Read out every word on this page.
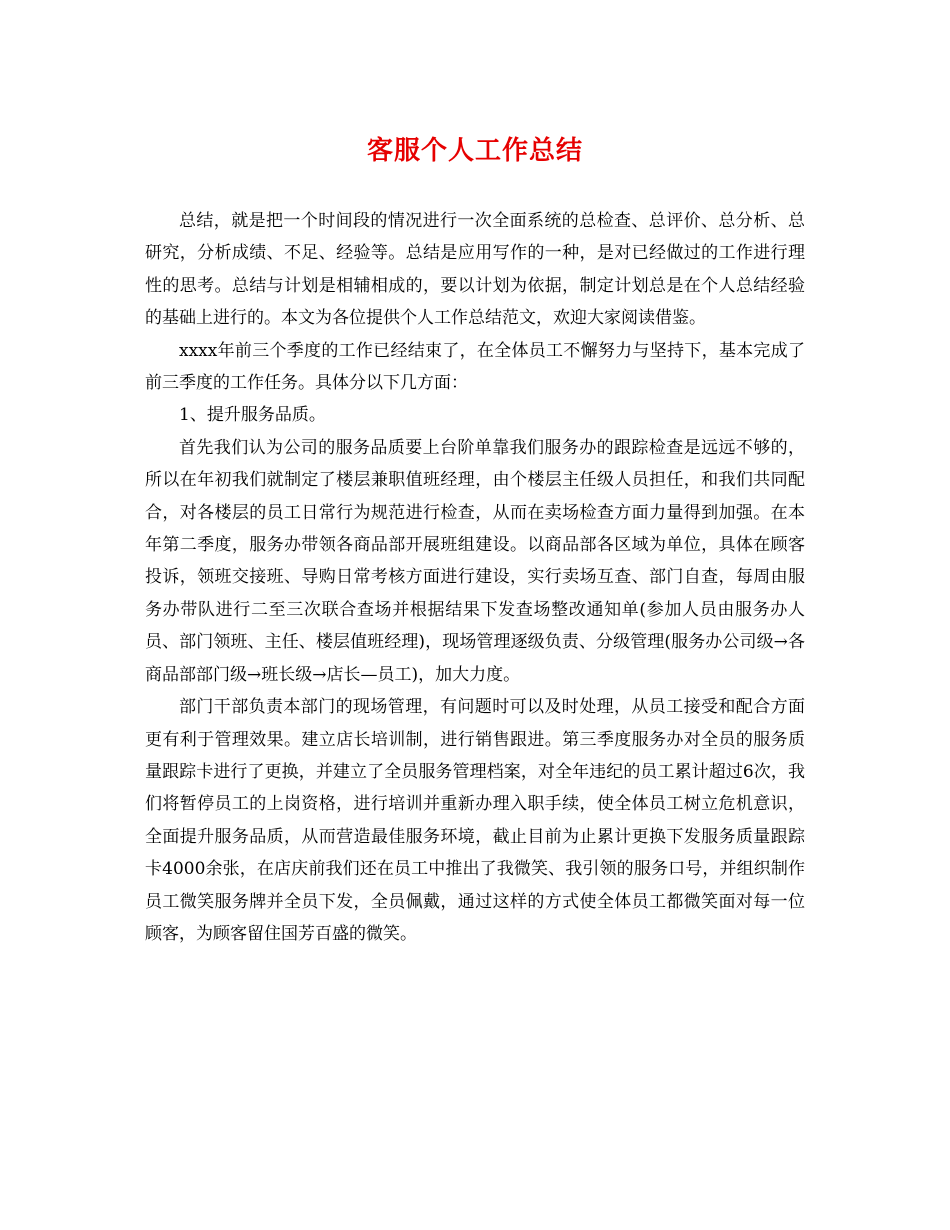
客服个人工作总结

总结，就是把一个时间段的情况进行一次全面系统的总检查、总评价、总分析、总研究，分析成绩、不足、经验等。总结是应用写作的一种，是对已经做过的工作进行理性的思考。总结与计划是相辅相成的，要以计划为依据，制定计划总是在个人总结经验的基础上进行的。本文为各位提供个人工作总结范文，欢迎大家阅读借鉴。

xxxx年前三个季度的工作已经结束了，在全体员工不懈努力与坚持下，基本完成了前三季度的工作任务。具体分以下几方面：

1、提升服务品质。

首先我们认为公司的服务品质要上台阶单靠我们服务办的跟踪检查是远远不够的，所以在年初我们就制定了楼层兼职值班经理，由个楼层主任级人员担任，和我们共同配合，对各楼层的员工日常行为规范进行检查，从而在卖场检查方面力量得到加强。在本年第二季度，服务办带领各商品部开展班组建设。以商品部各区域为单位，具体在顾客投诉，领班交接班、导购日常考核方面进行建设，实行卖场互查、部门自查，每周由服务办带队进行二至三次联合查场并根据结果下发查场整改通知单(参加人员由服务办人员、部门领班、主任、楼层值班经理)，现场管理逐级负责、分级管理(服务办公司级→各商品部部门级→班长级→店长—员工)，加大力度。

部门干部负责本部门的现场管理，有问题时可以及时处理，从员工接受和配合方面更有利于管理效果。建立店长培训制，进行销售跟进。第三季度服务办对全员的服务质量跟踪卡进行了更换，并建立了全员服务管理档案，对全年违纪的员工累计超过6次，我们将暂停员工的上岗资格，进行培训并重新办理入职手续，使全体员工树立危机意识，全面提升服务品质，从而营造最佳服务环境，截止目前为止累计更换下发服务质量跟踪卡4000余张，在店庆前我们还在员工中推出了我微笑、我引领的服务口号，并组织制作员工微笑服务牌并全员下发，全员佩戴，通过这样的方式使全体员工都微笑面对每一位顾客，为顾客留住国芳百盛的微笑。
